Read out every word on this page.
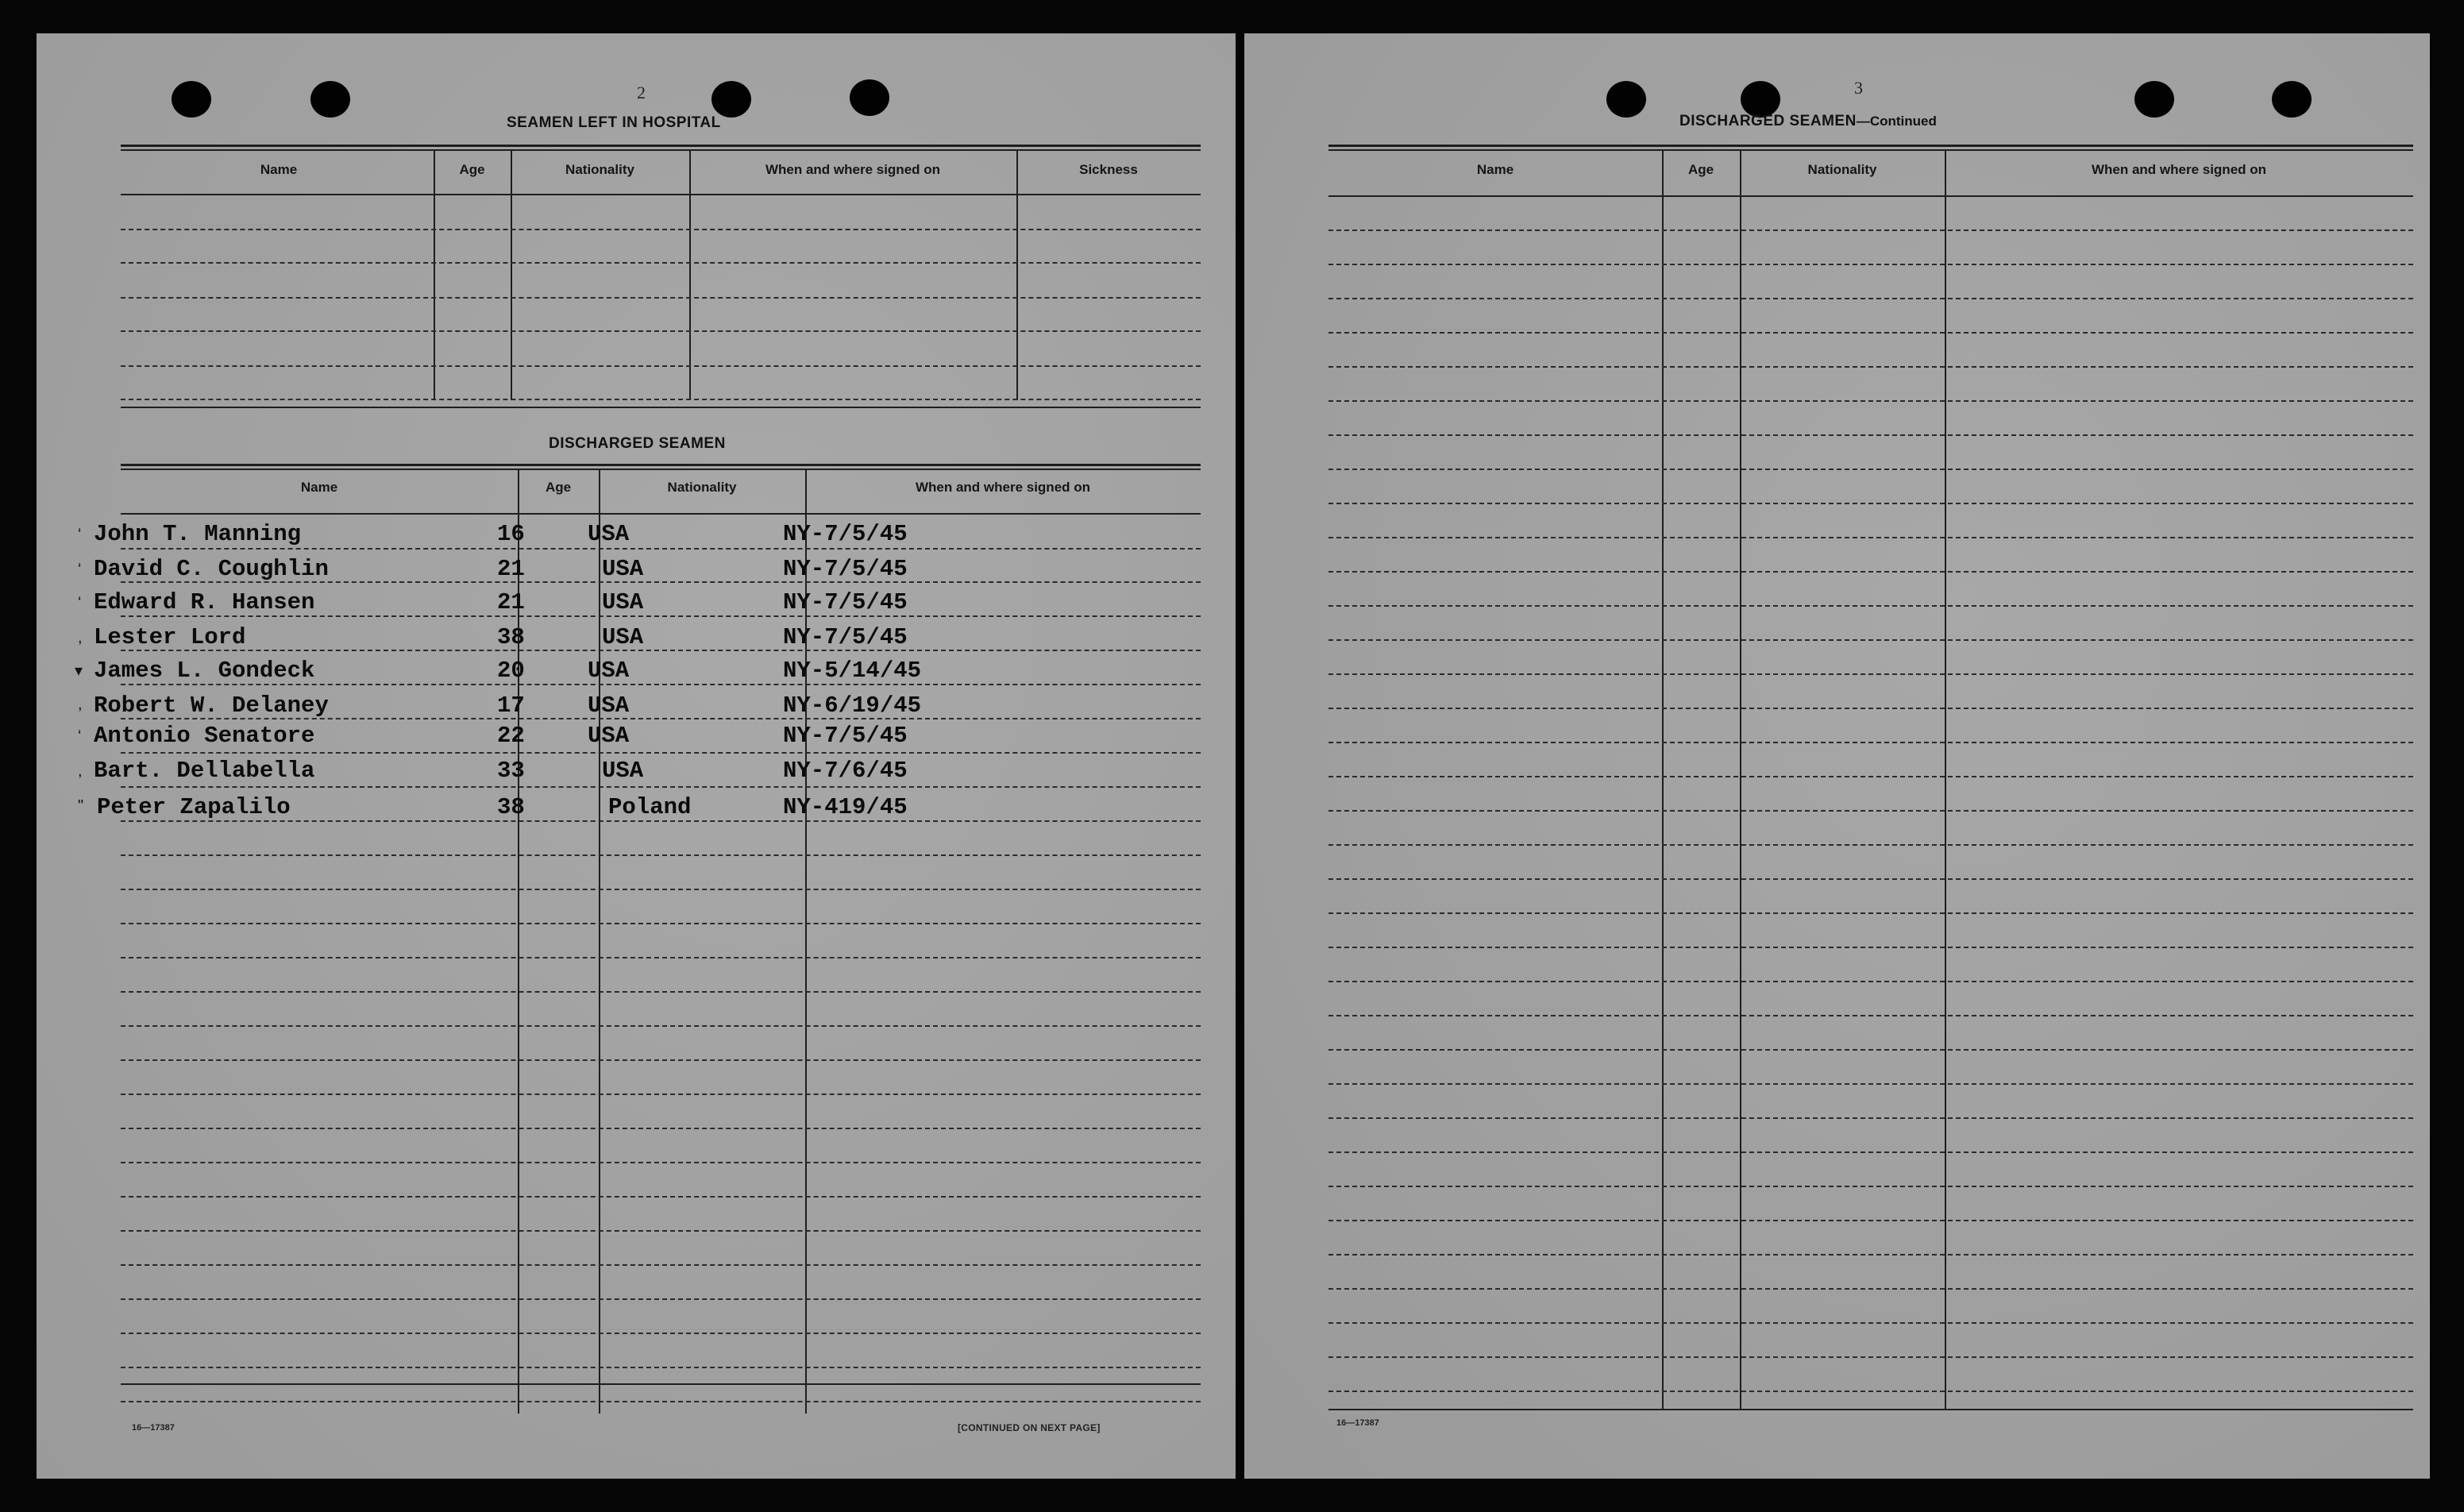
2
SEAMEN LEFT IN HOSPITAL
Name	Age	Nationality	When and where signed on	Sickness
DISCHARGED SEAMEN
Name	Age	Nationality	When and where signed on
‘ John T. Manning	16	USA	NY-7/5/45
‘ David C. Coughlin	21	USA	NY-7/5/45
‘ Edward R. Hansen	21	USA	NY-7/5/45
, Lester Lord	38	USA	NY-7/5/45
▾ James L. Gondeck	20	USA	NY-5/14/45
, Robert W. Delaney	17	USA	NY-6/19/45
‘ Antonio Senatore	22	USA	NY-7/5/45
, Bart. Dellabella	33	USA	NY-7/6/45
" Peter Zapalilo	38	Poland	NY-419/45
16—17387	[CONTINUED ON NEXT PAGE]
3
DISCHARGED SEAMEN—Continued
Name	Age	Nationality	When and where signed on
16—17387
